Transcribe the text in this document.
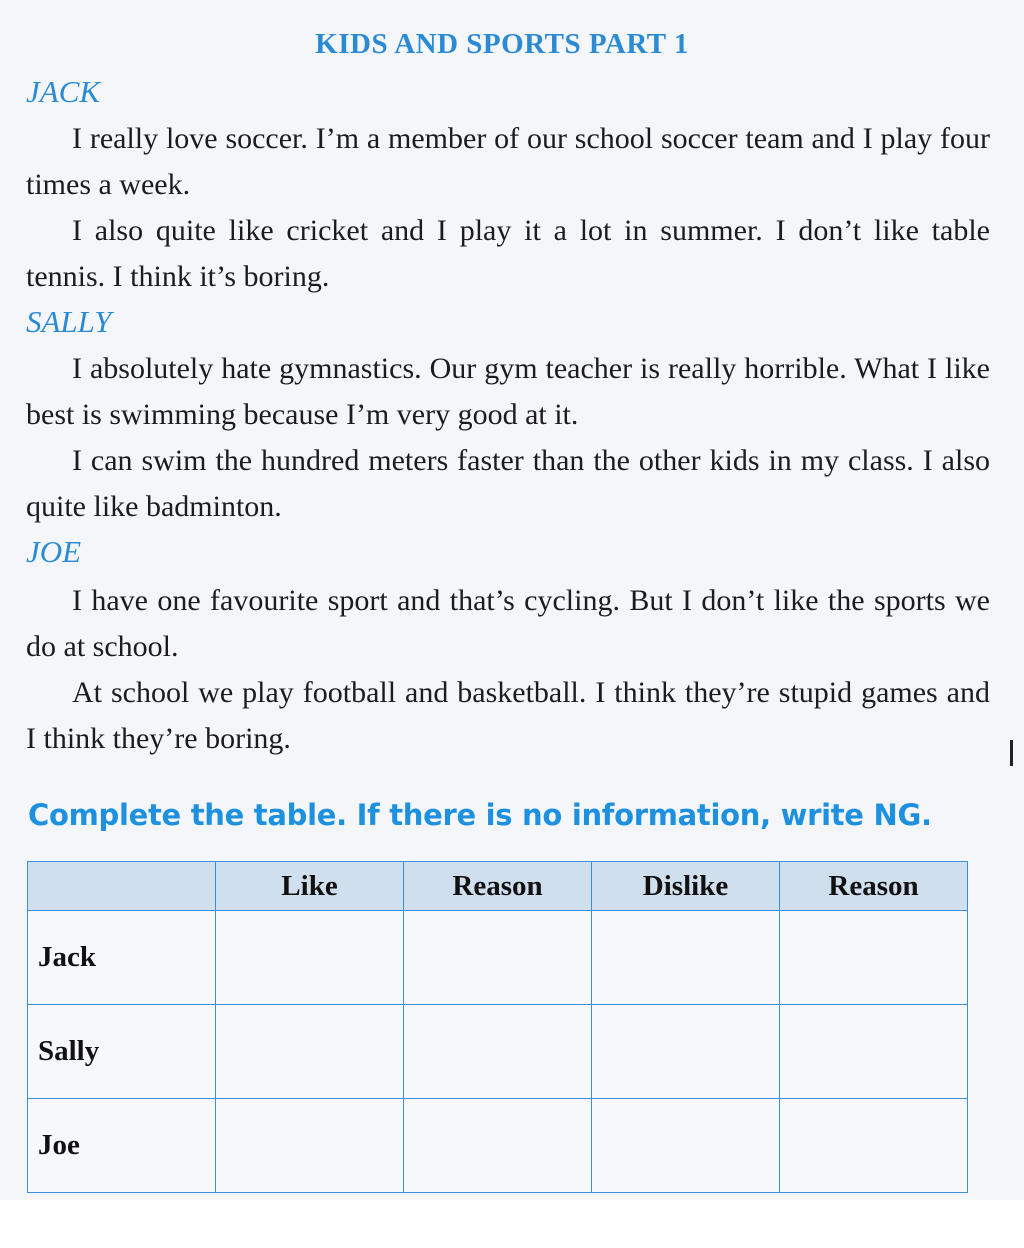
KIDS AND SPORTS PART 1
JACK

I really love soccer. I’m a member of our school soccer team and I play four times a week.

I also quite like cricket and I play it a lot in summer. I don’t like table tennis. I think it’s boring.

SALLY

I absolutely hate gymnastics. Our gym teacher is really horrible. What I like best is swimming because I’m very good at it.

I can swim the hundred meters faster than the other kids in my class. I also quite like badminton.

JOE

I have one favourite sport and that’s cycling. But I don’t like the sports we do at school.

At school we play football and basketball. I think they’re stupid games and I think they’re boring.

Complete the table. If there is no information, write NG.
	Like	Reason	Dislike	Reason
Jack				
Sally				
Joe				
